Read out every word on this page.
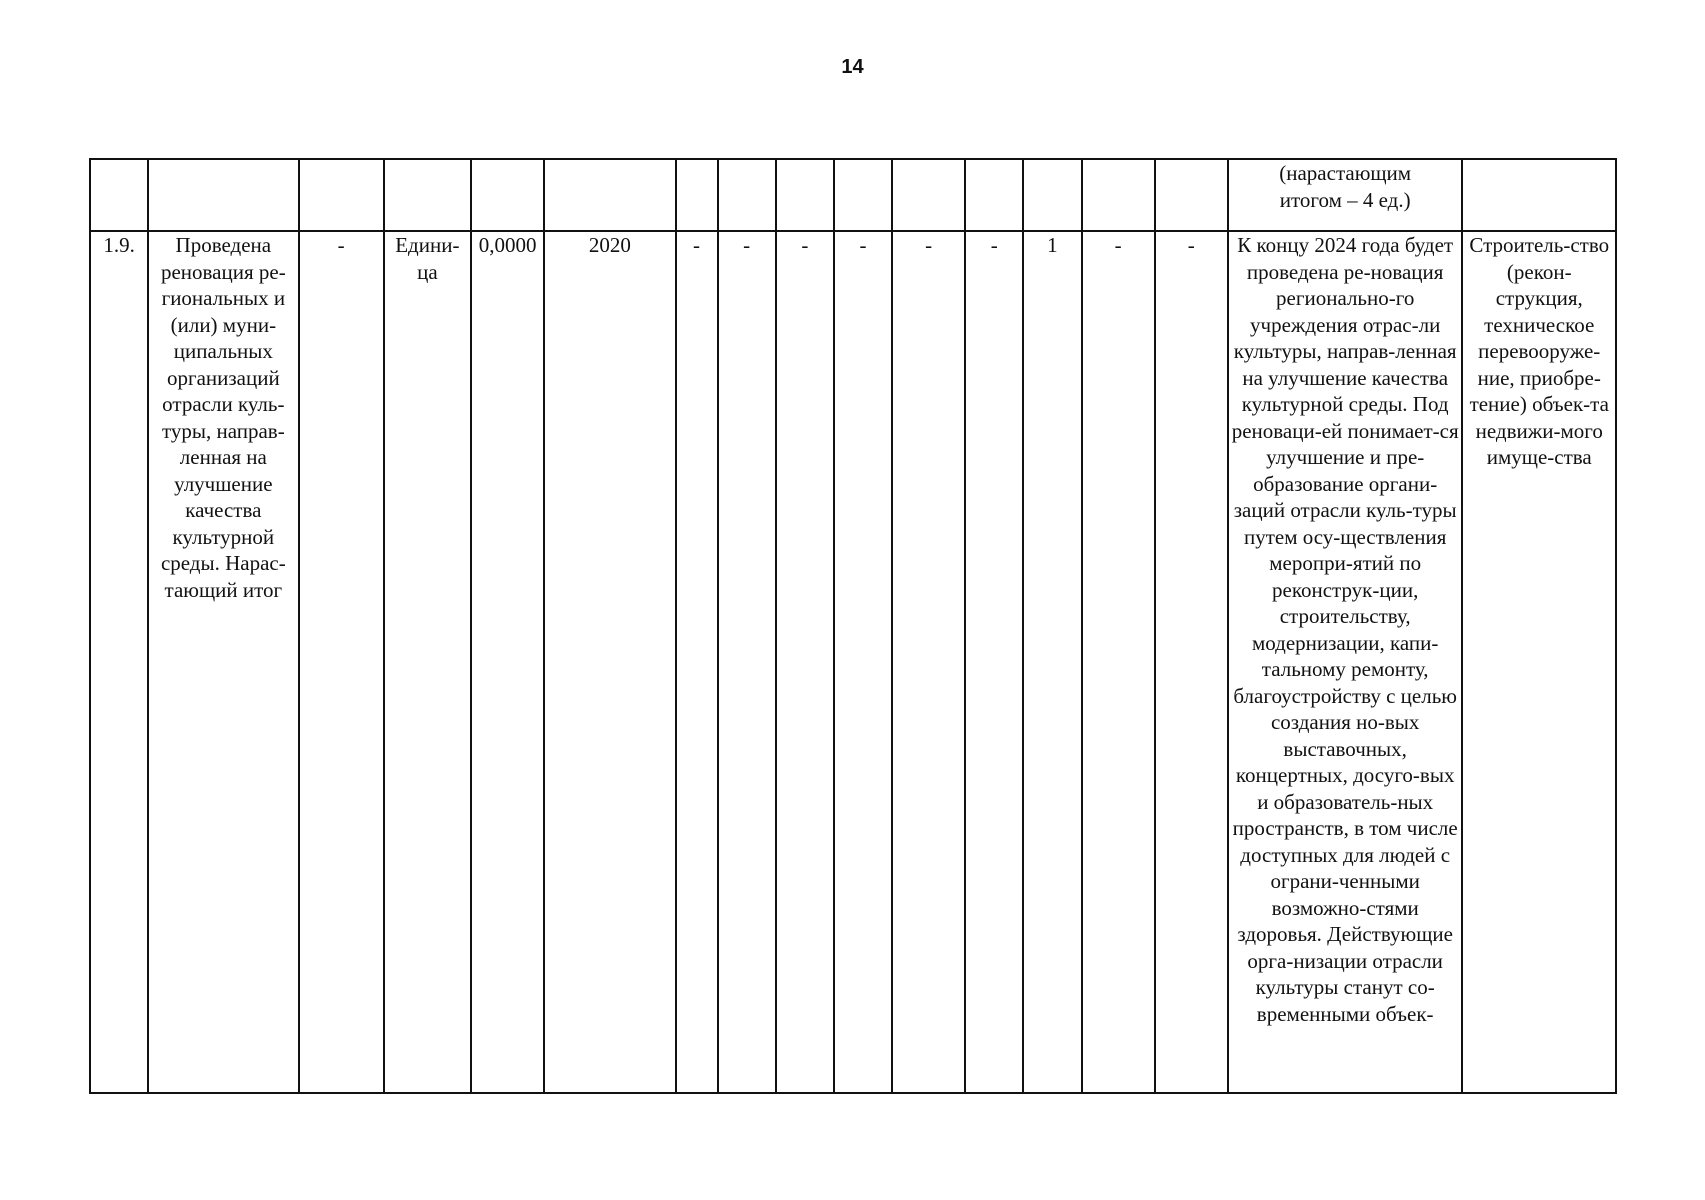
14
															(нарастающим
итогом – 4 ед.)	
1.9.	Проведена реновация ре-гиональных и (или) муни-ципальных организаций отрасли куль-туры, направ-ленная на улучшение качества культурной среды. Нарас-тающий итог	-	Едини-ца	0,0000	2020	-	-	-	-	-	-	1	-	-	К концу 2024 года будет проведена ре-новация регионально-го учреждения отрас-ли культуры, направ-ленная на улучшение качества культурной среды. Под реноваци-ей понимает-ся улучшение и пре-образование органи-заций отрасли куль-туры путем осу-ществления меропри-ятий по реконструк-ции, строительству, модернизации, капи-тальному ремонту, благоустройству с целью создания но-вых выставочных, концертных, досуго-вых и образователь-ных пространств, в том числе доступных для людей с ограни-ченными возможно-стями здоровья. Действующие орга-низации отрасли культуры станут со-временными объек-	Строитель-ство (рекон-струкция, техническое перевооруже-ние, приобре-тение) объек-та недвижи-мого имуще-ства
